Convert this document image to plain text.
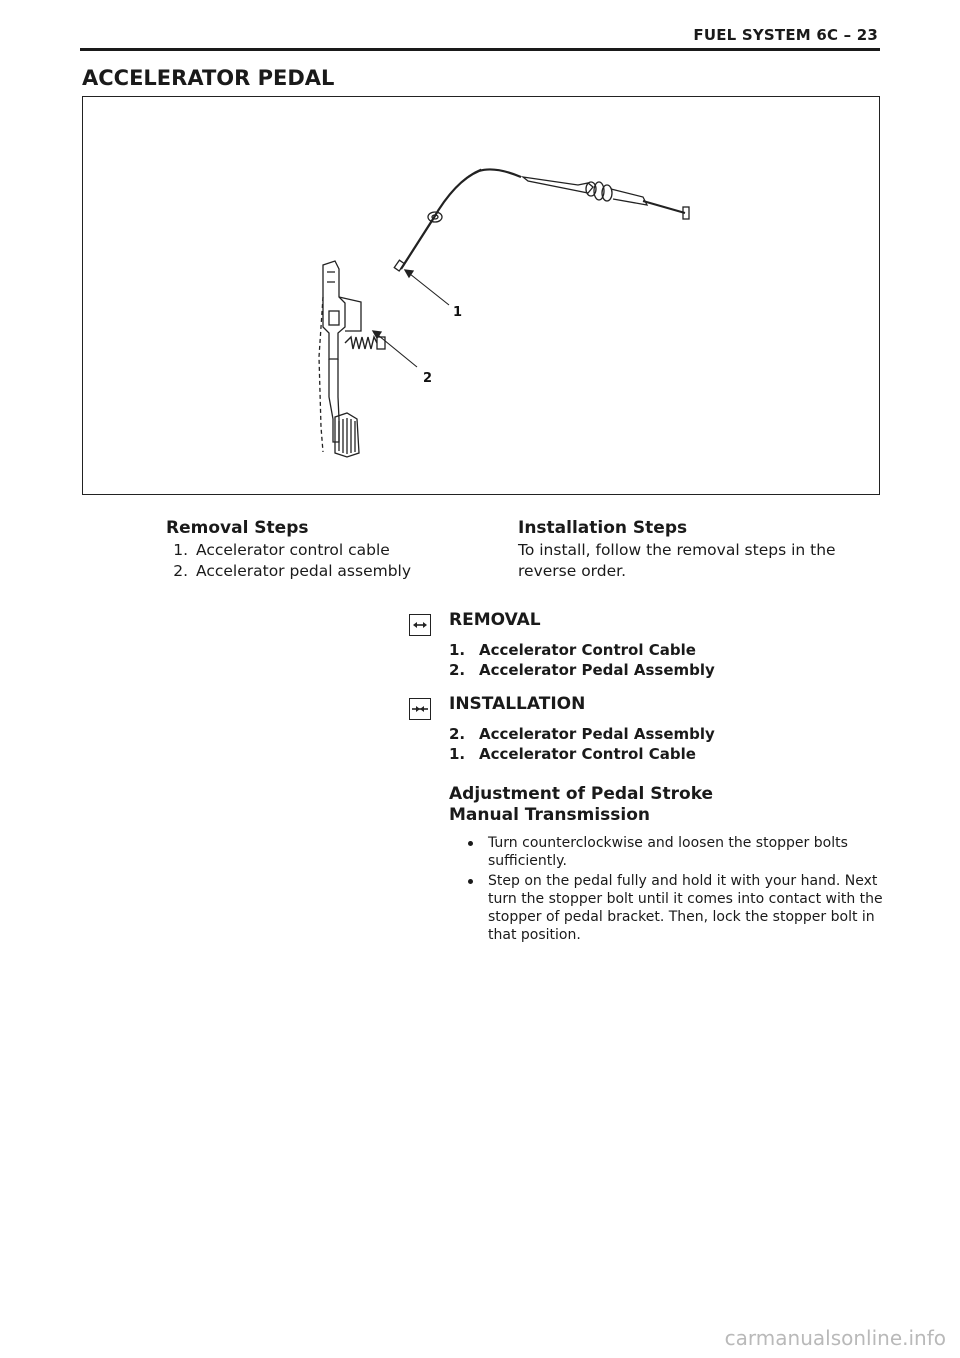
FUEL SYSTEM 6C – 23
ACCELERATOR PEDAL
1
2
Removal Steps
1. Accelerator control cable
2. Accelerator pedal assembly
Installation Steps

To install, follow the removal steps in the reverse order.

REMOVAL
1. Accelerator Control Cable
2. Accelerator Pedal Assembly
INSTALLATION
2. Accelerator Pedal Assembly
1. Accelerator Control Cable
Adjustment of Pedal Stroke
Manual Transmission
Turn counterclockwise and loosen the stopper bolts sufficiently.
Step on the pedal fully and hold it with your hand. Next turn the stopper bolt until it comes into contact with the stopper of pedal bracket. Then, lock the stopper bolt in that position.
carmanualsonline.info
